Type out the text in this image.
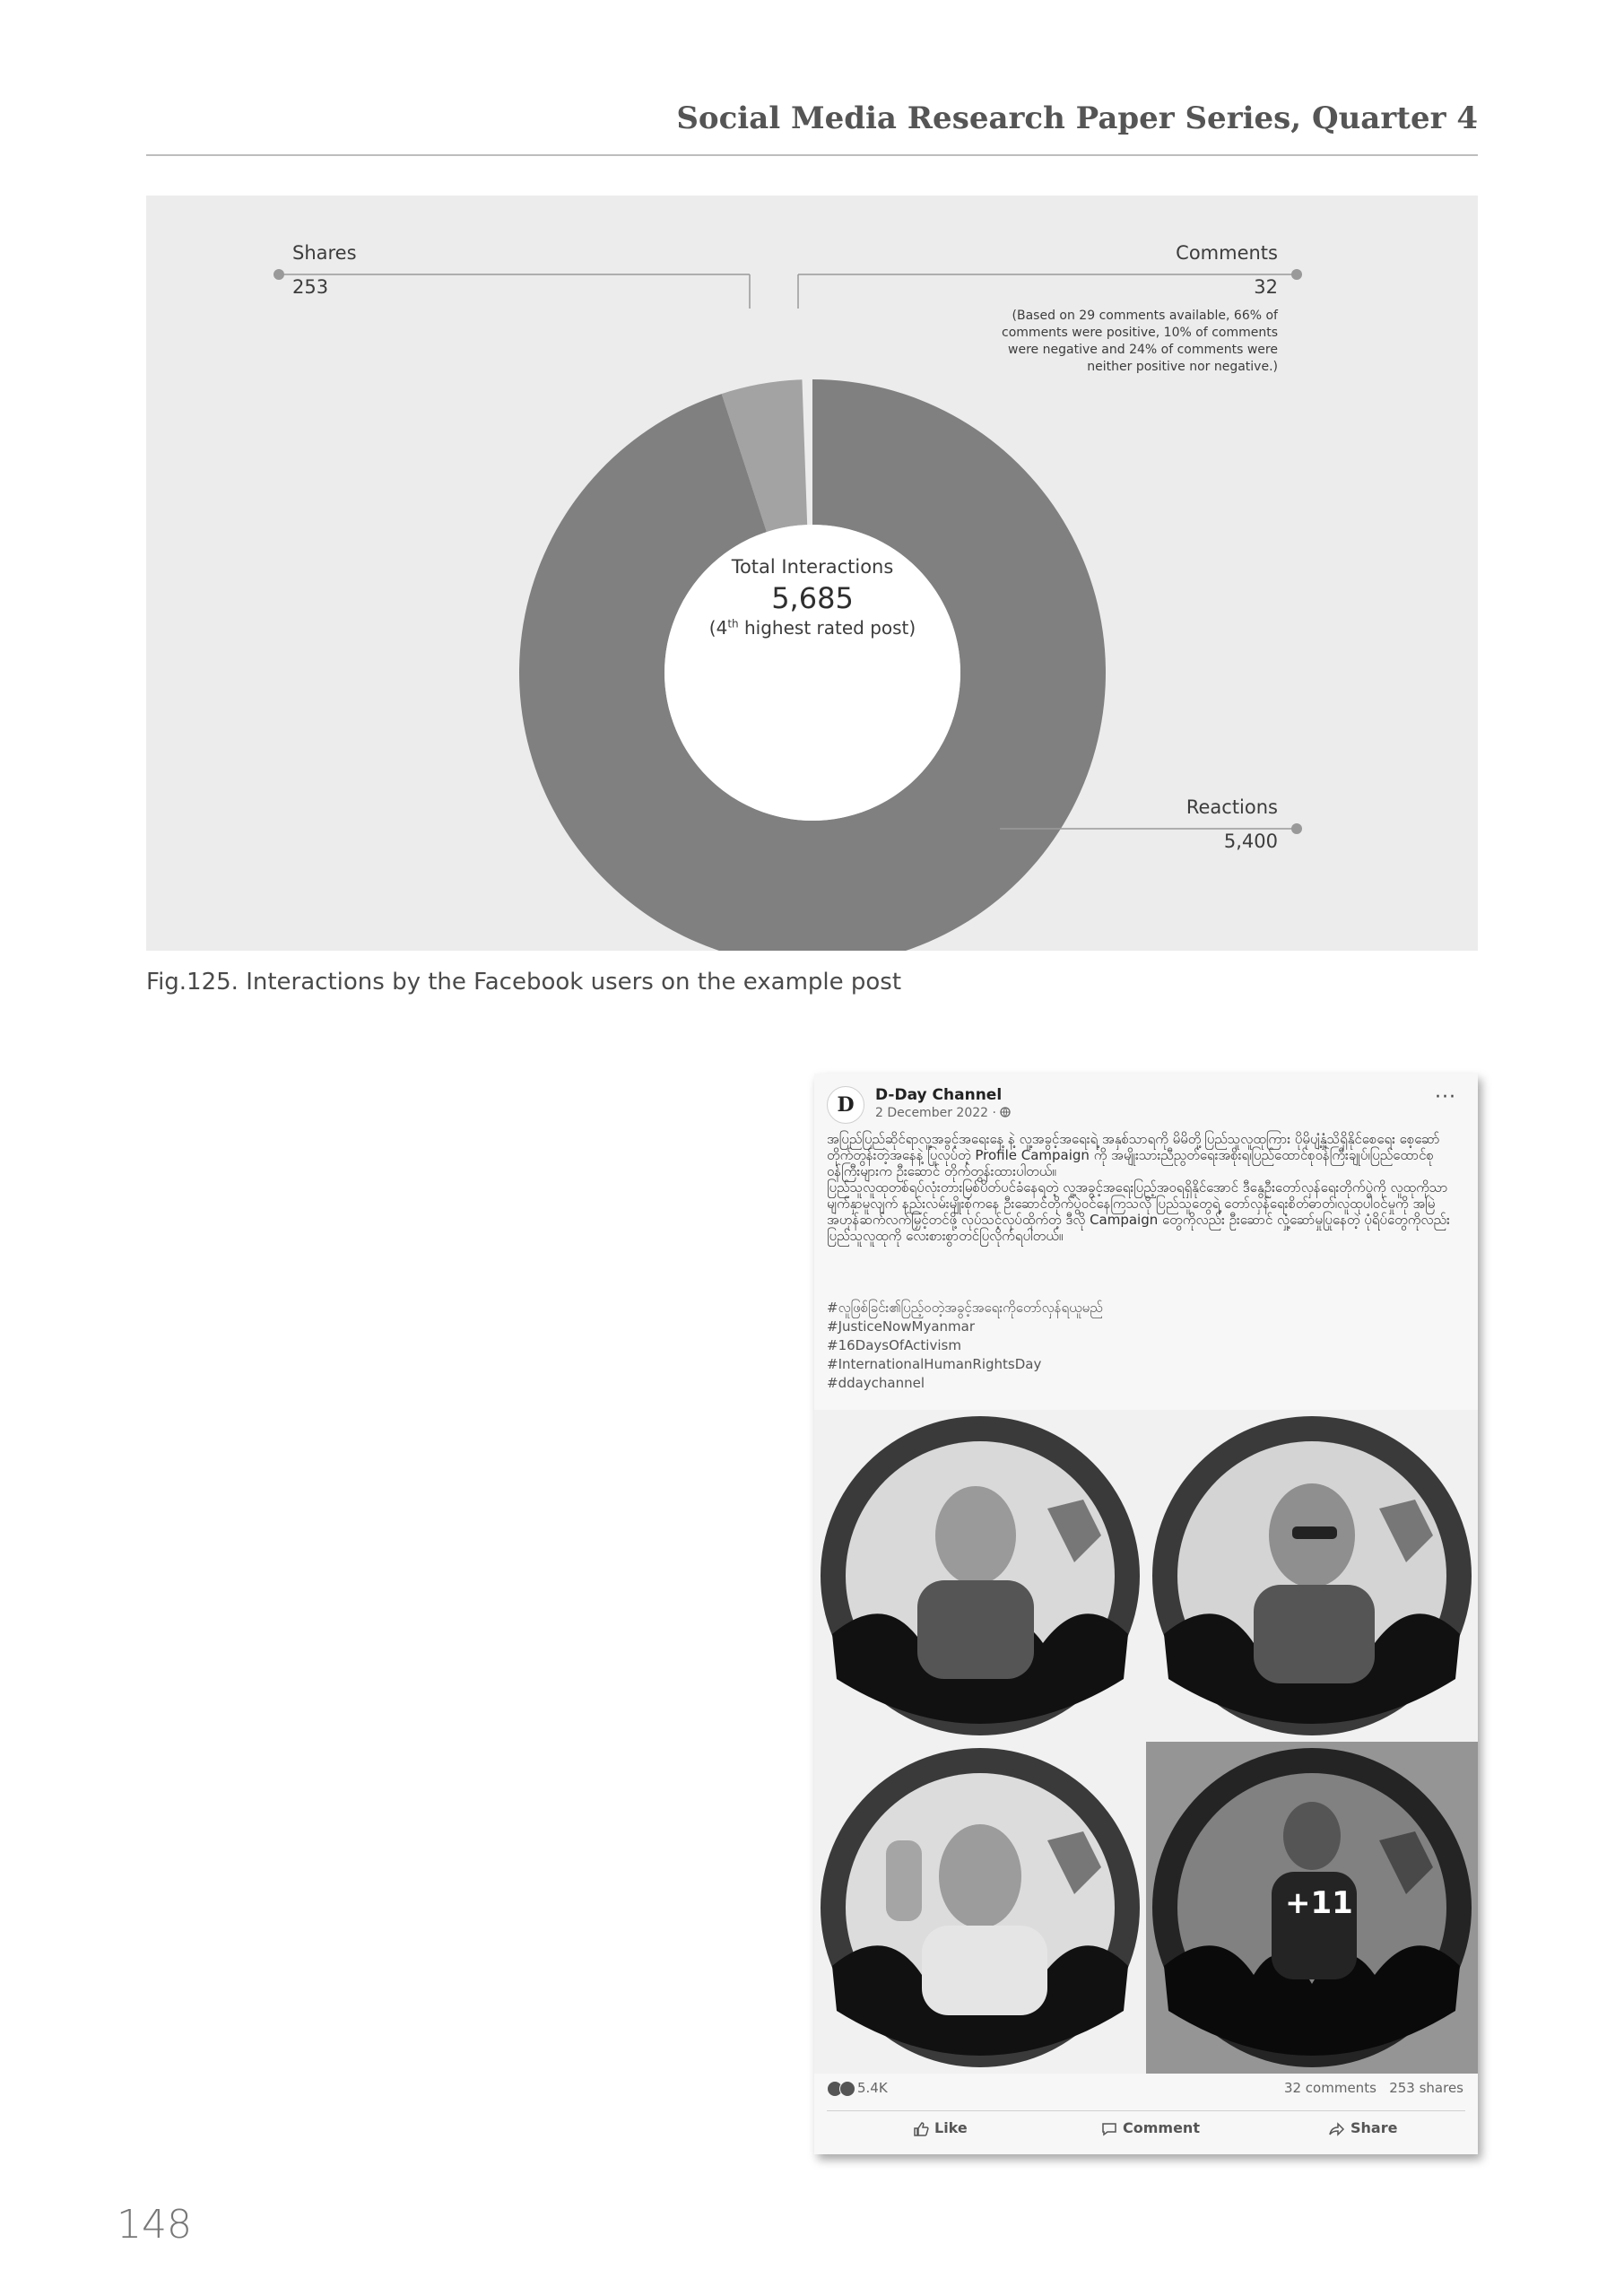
Social Media Research Paper Series, Quarter 4
Shares
253
Comments
32
(Based on 29 comments available, 66% of comments were positive, 10% of comments were negative and 24% of comments were neither positive nor negative.)
Reactions
5,400
Total Interactions
5,685
(4th highest rated post)
Fig.125. Interactions by the Facebook users on the example post
D	D-Day Channel
2 December 2022 ·
···
အပြည်ပြည်ဆိုင်ရာလူ့အခွင့်အရေးနေ့ နဲ့ လူ့အခွင့်အရေးရဲ့ အနှစ်သာရကို မိမိတို့ပြည်သူလူထုကြား ပိုမိုပျံ့နှံ့သိရှိနိုင်စေရေး စေ့ဆော်တိုက်တွန်းတဲ့အနေနဲ့ ပြုလုပ်တဲ့ Profile Campaign ကို အမျိုးသားညီညွတ်ရေးအစိုးရ၊ပြည်ထောင်စုဝန်ကြီးချုပ်၊ပြည်ထောင်စုဝန်ကြီးများက ဦးဆောင် တိုက်တွန်းထားပါတယ်။
ပြည်သူလူထုတစ်ရပ်လုံးတားမြစ်ပိတ်ပင်ခံနေရတဲ့ လူ့အခွင့်အရေးပြည့်အဝရရှိနိုင်အောင် ဒီနွေဦးတော်လှန်ရေးတိုက်ပွဲကို လူထုကိုသာ မျက်နှာမူလျက် နည်းလမ်းမျိုးစုံကနေ ဦးဆောင်တိုက်ပွဲဝင်နေကြသလို ပြည်သူတွေရဲ့ တော်လှန်ရေးစိတ်ဓာတ်၊လူထုပါဝင်မှုကို အမြဲအဟုန်ဆက်လက်မြှင့်တင်ဖို့ လုပ်သင့်လုပ်ထိုက်တဲ့ ဒီလို Campaign တွေကိုလည်း ဦးဆောင် လှုံ့ဆော်မှုပြုနေတဲ့ ပုံရိပ်တွေကိုလည်း ပြည်သူလူထုကို လေးစားစွာတင်ပြလိုက်ရပါတယ်။
#လူဖြစ်ခြင်း၏ပြည့်ဝတဲ့အခွင့်အရေးကိုတော်လှန်ရယူမည်
#JusticeNowMyanmar
#16DaysOfActivism
#InternationalHumanRightsDay
#ddaychannel
+11
5.4K	32 comments 253 shares
Like	Comment	Share
148
